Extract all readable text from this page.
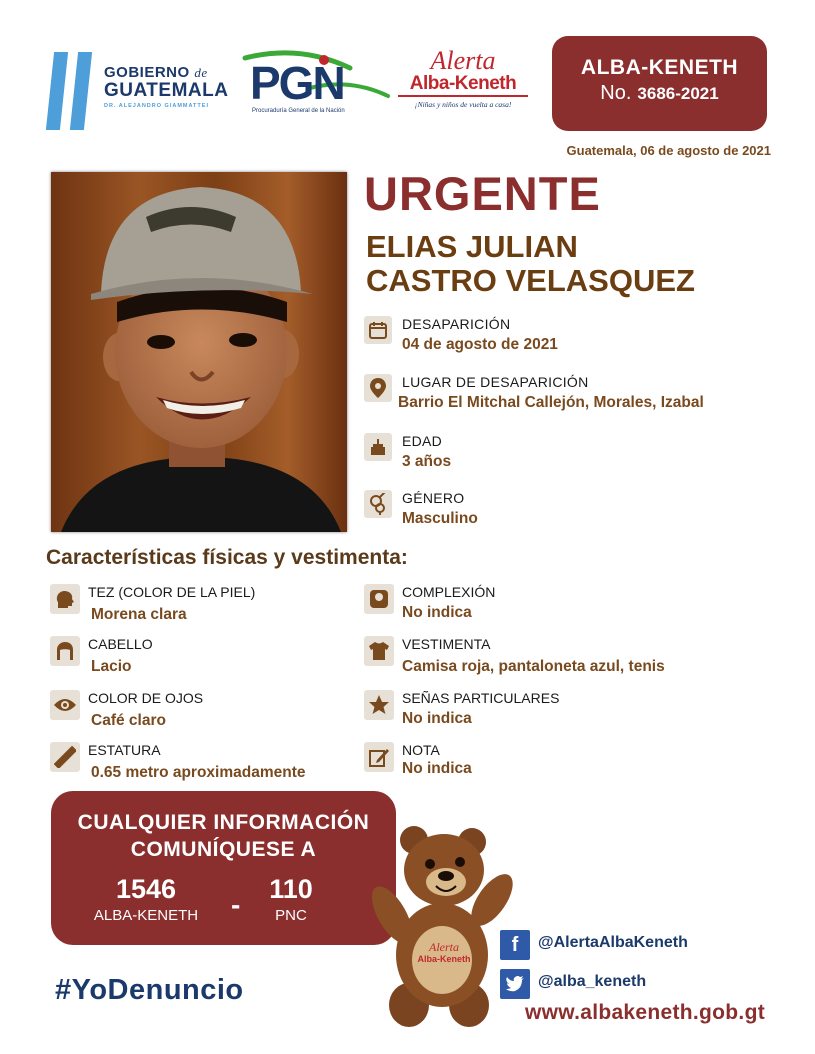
GOBIERNO de
GUATEMALA
DR. ALEJANDRO GIAMMATTEI PGN
Procuraduría General de la Nación
Alerta
Alba-Keneth
¡Niñas y niños de vuelta a casa!
ALBA-KENETH
No. 3686-2021
Guatemala, 06 de agosto de 2021
URGENTE
ELIAS JULIAN
CASTRO VELASQUEZ
DESAPARICIÓN
04 de agosto de 2021
LUGAR DE DESAPARICIÓN
Barrio El Mitchal Callejón, Morales, Izabal
EDAD
3 años
GÉNERO
Masculino
Características físicas y vestimenta:
TEZ (COLOR DE LA PIEL)
Morena clara
CABELLO
Lacio
COLOR DE OJOS
Café claro
ESTATURA
0.65 metro aproximadamente
COMPLEXIÓN
No indica
VESTIMENTA
Camisa roja, pantaloneta azul, tenis
SEÑAS PARTICULARES
No indica
NOTA
No indica
CUALQUIER INFORMACIÓN
COMUNÍQUESE A
1546
ALBA-KENETH	-	110
PNC
#YoDenuncio
Alerta
Alba-Keneth
f	@AlertaAlbaKeneth
@alba_keneth
www.albakeneth.gob.gt
